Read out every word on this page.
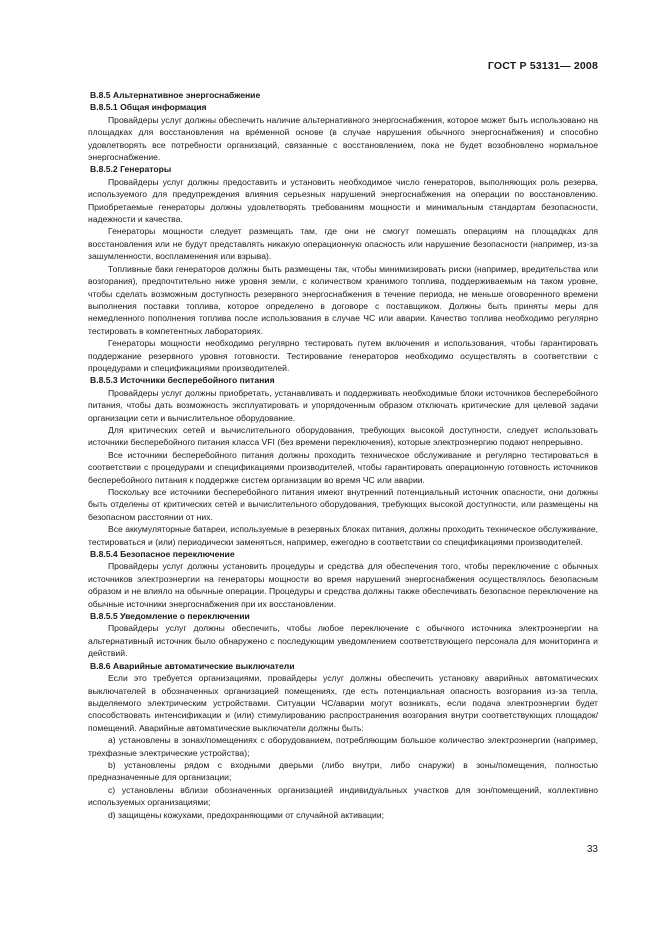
ГОСТ Р 53131— 2008
B.8.5 Альтернативное энергоснабжение
B.8.5.1 Общая информация

Провайдеры услуг должны обеспечить наличие альтернативного энергоснабжения, которое может быть использовано на площадках для восстановления на врéменной основе (в случае нарушения обычного энергоснабжения) и способно удовлетворять все потребности организаций, связанные с восстановлением, пока не будет возобновлено нормальное энергоснабжение.

B.8.5.2 Генераторы

Провайдеры услуг должны предоставить и установить необходимое число генераторов, выполняющих роль резерва, используемого для предупреждения влияния серьезных нарушений энергоснабжения на операции по восстановлению. Приобретаемые генераторы должны удовлетворять требованиям мощности и минимальным стандартам безопасности, надежности и качества.

Генераторы мощности следует размещать там, где они не смогут помешать операциям на площадках для восстановления или не будут представлять никакую операционную опасность или нарушение безопасности (например, из-за зашумленности, воспламенения или взрыва).

Топливные баки генераторов должны быть размещены так, чтобы минимизировать риски (например, вредительства или возгорания), предпочтительно ниже уровня земли, с количеством хранимого топлива, поддерживаемым на таком уровне, чтобы сделать возможным доступность резервного энергоснабжения в течение периода, не меньше оговоренного времени выполнения поставки топлива, которое определено в договоре с поставщиком. Должны быть приняты меры для немедленного пополнения топлива после использования в случае ЧС или аварии. Качество топлива необходимо регулярно тестировать в компетентных лабораториях.

Генераторы мощности необходимо регулярно тестировать путем включения и использования, чтобы гарантировать поддержание резервного уровня готовности. Тестирование генераторов необходимо осуществлять в соответствии с процедурами и спецификациями производителей.

B.8.5.3 Источники бесперебойного питания

Провайдеры услуг должны приобретать, устанавливать и поддерживать необходимые блоки источников бесперебойного питания, чтобы дать возможность эксплуатировать и упорядоченным образом отключать критические для целевой задачи организации сети и вычислительное оборудование.

Для критических сетей и вычислительного оборудования, требующих высокой доступности, следует использовать источники бесперебойного питания класса VFI (без времени переключения), которые электроэнергию подают непрерывно.

Все источники бесперебойного питания должны проходить техническое обслуживание и регулярно тестироваться в соответствии с процедурами и спецификациями производителей, чтобы гарантировать операционную готовность источников бесперебойного питания к поддержке систем организации во время ЧС или аварии.

Поскольку все источники бесперебойного питания имеют внутренний потенциальный источник опасности, они должны быть отделены от критических сетей и вычислительного оборудования, требующих высокой доступности, или размещены на безопасном расстоянии от них.

Все аккумуляторные батареи, используемые в резервных блоках питания, должны проходить техническое обслуживание, тестироваться и (или) периодически заменяться, например, ежегодно в соответствии со спецификациями производителей.

B.8.5.4 Безопасное переключение

Провайдеры услуг должны установить процедуры и средства для обеспечения того, чтобы переключение с обычных источников электроэнергии на генераторы мощности во время нарушений энергоснабжения осуществлялось безопасным образом и не влияло на обычные операции. Процедуры и средства должны также обеспечивать безопасное переключение на обычные источники энергоснабжения при их восстановлении.

B.8.5.5 Уведомление о переключении

Провайдеры услуг должны обеспечить, чтобы любое переключение с обычного источника электроэнергии на альтернативный источник было обнаружено с последующим уведомлением соответствующего персонала для мониторинга и действий.

B.8.6 Аварийные автоматические выключатели

Если это требуется организациями, провайдеры услуг должны обеспечить установку аварийных автоматических выключателей в обозначенных организацией помещениях, где есть потенциальная опасность возгорания из-за тепла, выделяемого электрическим устройствами. Ситуации ЧС/аварии могут возникать, если подача электроэнергии будет способствовать интенсификации и (или) стимулированию распространения возгорания внутри соответствующих площадок/помещений. Аварийные автоматические выключатели должны быть:

a) установлены в зонах/помещениях с оборудованием, потребляющим большое количество электроэнергии (например, трехфазные электрические устройства);

b) установлены рядом с входными дверьми (либо внутри, либо снаружи) в зоны/помещения, полностью предназначенные для организации;

c) установлены вблизи обозначенных организацией индивидуальных участков для зон/помещений, коллективно используемых организациями;

d) защищены кожухами, предохраняющими от случайной активации;

33
